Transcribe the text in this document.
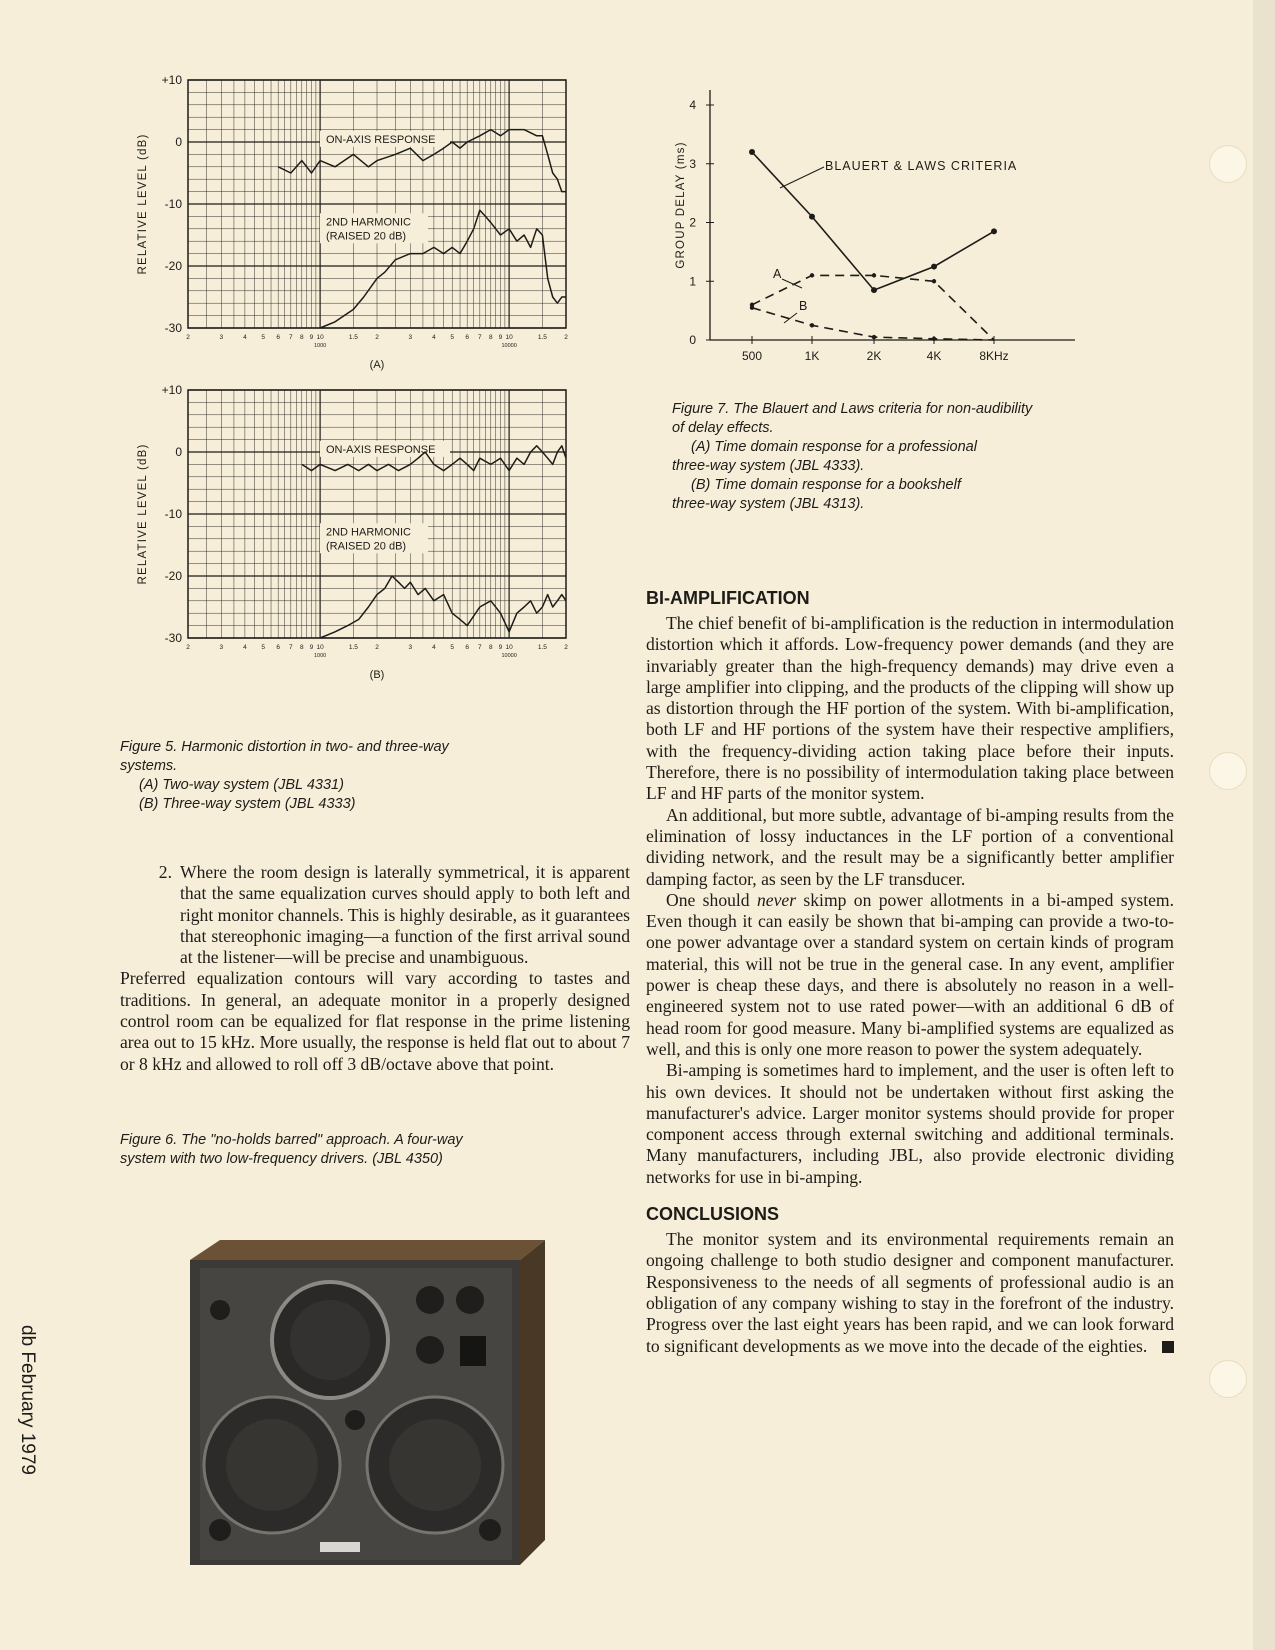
db February 1979
+10
0
-10
-20
-30
RELATIVE LEVEL (dB)
2	3	4 5 6 7 8 9 10	1.5	2	3	4 5 6 7 8 9 10	1.5	2
1000	10000
(A)
ON-AXIS RESPONSE
2ND HARMONIC
(RAISED 20 dB)
+10
0
-10
-20
-30
RELATIVE LEVEL (dB)
2	3	4 5 6 7 8 9 10	1.5	2	3	4 5 6 7 8 9 10	1.5	2
1000	10000
(B)
ON-AXIS RESPONSE
2ND HARMONIC
(RAISED 20 dB)
Figure 5. Harmonic distortion in two- and three-way
systems.
(A) Two-way system (JBL 4331)
(B) Three-way system (JBL 4333)
2. Where the room design is laterally symmetrical, it is apparent that the same equalization curves should apply to both left and right monitor channels. This is highly desirable, as it guarantees that stereophonic imaging—a function of the first arrival sound at the listener—will be precise and unambiguous.

Preferred equalization contours will vary according to tastes and traditions. In general, an adequate monitor in a properly designed control room can be equalized for flat response in the prime listening area out to 15 kHz. More usually, the response is held flat out to about 7 or 8 kHz and allowed to roll off 3 dB/octave above that point.

Figure 6. The "no-holds barred" approach. A four-way
system with two low-frequency drivers. (JBL 4350)
0
1
2
3
4
500	1K	2K	4K	8KHz
GROUP DELAY (ms)	BLAUERT & LAWS CRITERIA
A
B
Figure 7. The Blauert and Laws criteria for non-audibility
of delay effects.
(A) Time domain response for a professional
three-way system (JBL 4333).

(B) Time domain response for a bookshelf
three-way system (JBL 4313).
BI-AMPLIFICATION

The chief benefit of bi-amplification is the reduction in intermodulation distortion which it affords. Low-frequency power demands (and they are invariably greater than the high-frequency demands) may drive even a large amplifier into clipping, and the products of the clipping will show up as distortion through the HF portion of the system. With bi-amplification, both LF and HF portions of the system have their respective amplifiers, with the frequency-dividing action taking place before their inputs. Therefore, there is no possibility of intermodulation taking place between LF and HF parts of the monitor system.

An additional, but more subtle, advantage of bi-amping results from the elimination of lossy inductances in the LF portion of a conventional dividing network, and the result may be a significantly better amplifier damping factor, as seen by the LF transducer.

One should never skimp on power allotments in a bi-amped system. Even though it can easily be shown that bi-amping can provide a two-to-one power advantage over a standard system on certain kinds of program material, this will not be true in the general case. In any event, amplifier power is cheap these days, and there is absolutely no reason in a well-engineered system not to use rated power—with an additional 6 dB of head room for good measure. Many bi-amplified systems are equalized as well, and this is only one more reason to power the system adequately.

Bi-amping is sometimes hard to implement, and the user is often left to his own devices. It should not be undertaken without first asking the manufacturer's advice. Larger monitor systems should provide for proper component access through external switching and additional terminals. Many manufacturers, including JBL, also provide electronic dividing networks for use in bi-amping.

CONCLUSIONS

The monitor system and its environmental requirements remain an ongoing challenge to both studio designer and component manufacturer. Responsiveness to the needs of all segments of professional audio is an obligation of any company wishing to stay in the forefront of the industry. Progress over the last eight years has been rapid, and we can look forward to significant developments as we move into the decade of the eighties.
